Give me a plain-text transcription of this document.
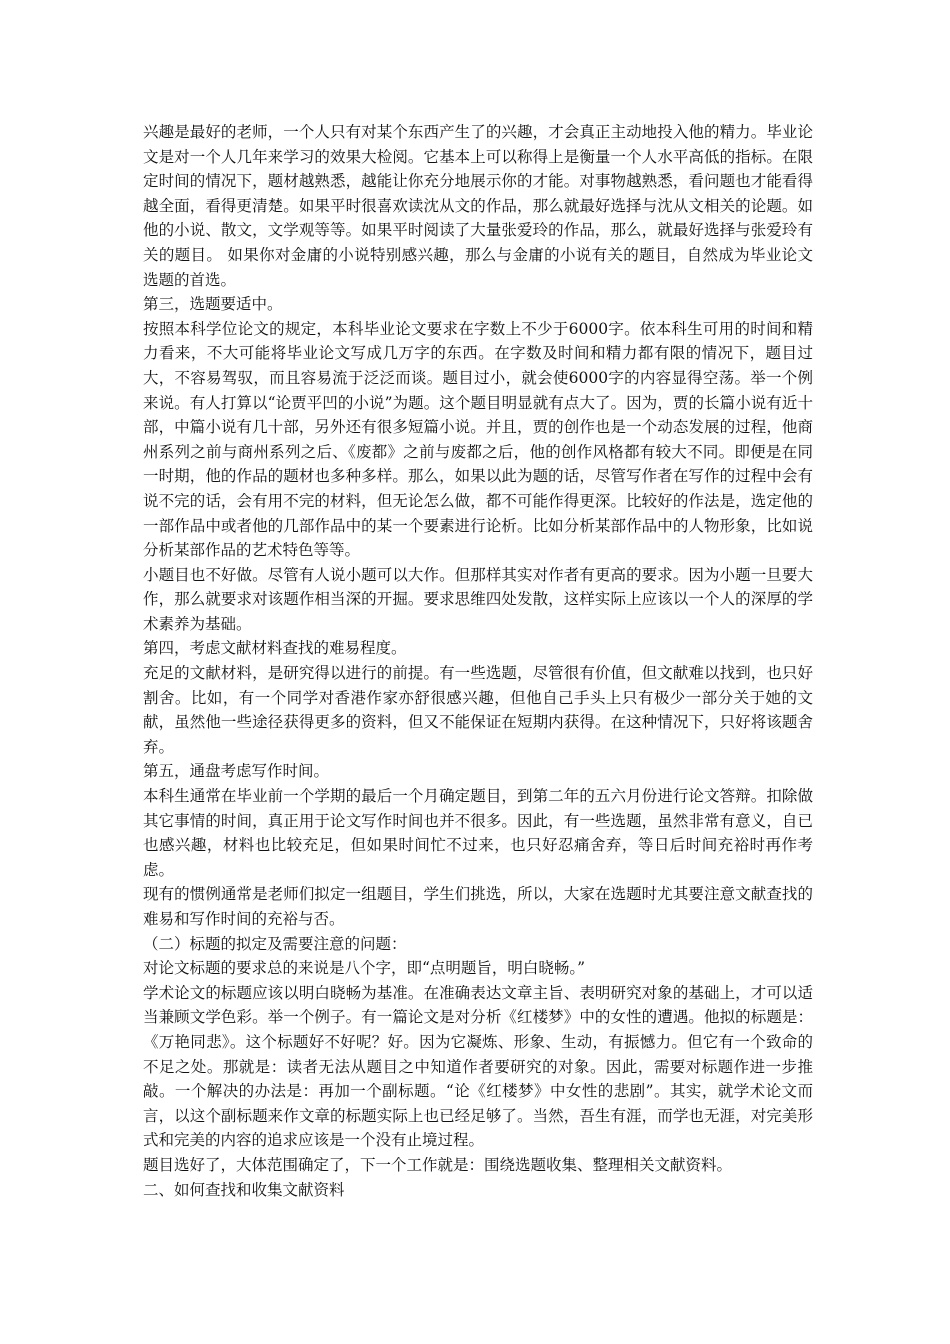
兴趣是最好的老师，一个人只有对某个东西产生了的兴趣，才会真正主动地投入他的精力。毕业论文是对一个人几年来学习的效果大检阅。它基本上可以称得上是衡量一个人水平高低的指标。在限定时间的情况下，题材越熟悉，越能让你充分地展示你的才能。对事物越熟悉，看问题也才能看得越全面，看得更清楚。如果平时很喜欢读沈从文的作品，那么就最好选择与沈从文相关的论题。如他的小说、散文，文学观等等。如果平时阅读了大量张爱玲的作品，那么，就最好选择与张爱玲有关的题目。 如果你对金庸的小说特别感兴趣，那么与金庸的小说有关的题目，自然成为毕业论文选题的首选。

第三，选题要适中。

按照本科学位论文的规定，本科毕业论文要求在字数上不少于6000字。依本科生可用的时间和精力看来，不大可能将毕业论文写成几万字的东西。在字数及时间和精力都有限的情况下，题目过大，不容易驾驭，而且容易流于泛泛而谈。题目过小，就会使6000字的内容显得空荡。举一个例来说。有人打算以“论贾平凹的小说”为题。这个题目明显就有点大了。因为，贾的长篇小说有近十部，中篇小说有几十部，另外还有很多短篇小说。并且，贾的创作也是一个动态发展的过程，他商州系列之前与商州系列之后、《废都》之前与废都之后，他的创作风格都有较大不同。即便是在同一时期，他的作品的题材也多种多样。那么，如果以此为题的话，尽管写作者在写作的过程中会有说不完的话，会有用不完的材料，但无论怎么做，都不可能作得更深。比较好的作法是，选定他的一部作品中或者他的几部作品中的某一个要素进行论析。比如分析某部作品中的人物形象，比如说分析某部作品的艺术特色等等。

小题目也不好做。尽管有人说小题可以大作。但那样其实对作者有更高的要求。因为小题一旦要大作，那么就要求对该题作相当深的开掘。要求思维四处发散，这样实际上应该以一个人的深厚的学术素养为基础。

第四，考虑文献材料查找的难易程度。

充足的文献材料，是研究得以进行的前提。有一些选题，尽管很有价值，但文献难以找到，也只好割舍。比如，有一个同学对香港作家亦舒很感兴趣，但他自己手头上只有极少一部分关于她的文献，虽然他一些途径获得更多的资料，但又不能保证在短期内获得。在这种情况下，只好将该题舍弃。

第五，通盘考虑写作时间。

本科生通常在毕业前一个学期的最后一个月确定题目，到第二年的五六月份进行论文答辩。扣除做其它事情的时间，真正用于论文写作时间也并不很多。因此，有一些选题，虽然非常有意义，自已也感兴趣，材料也比较充足，但如果时间忙不过来，也只好忍痛舍弃，等日后时间充裕时再作考虑。

现有的惯例通常是老师们拟定一组题目，学生们挑选，所以，大家在选题时尤其要注意文献查找的难易和写作时间的充裕与否。

（二）标题的拟定及需要注意的问题：

对论文标题的要求总的来说是八个字，即“点明题旨，明白晓畅。”

学术论文的标题应该以明白晓畅为基准。在准确表达文章主旨、表明研究对象的基础上，才可以适当兼顾文学色彩。举一个例子。有一篇论文是对分析《红楼梦》中的女性的遭遇。他拟的标题是：《万艳同悲》。这个标题好不好呢？好。因为它凝炼、形象、生动，有振憾力。但它有一个致命的不足之处。那就是：读者无法从题目之中知道作者要研究的对象。因此，需要对标题作进一步推敲。一个解决的办法是：再加一个副标题。“论《红楼梦》中女性的悲剧”。其实，就学术论文而言，以这个副标题来作文章的标题实际上也已经足够了。当然，吾生有涯，而学也无涯，对完美形式和完美的内容的追求应该是一个没有止境过程。

题目选好了，大体范围确定了，下一个工作就是：围绕选题收集、整理相关文献资料。

二、如何查找和收集文献资料
